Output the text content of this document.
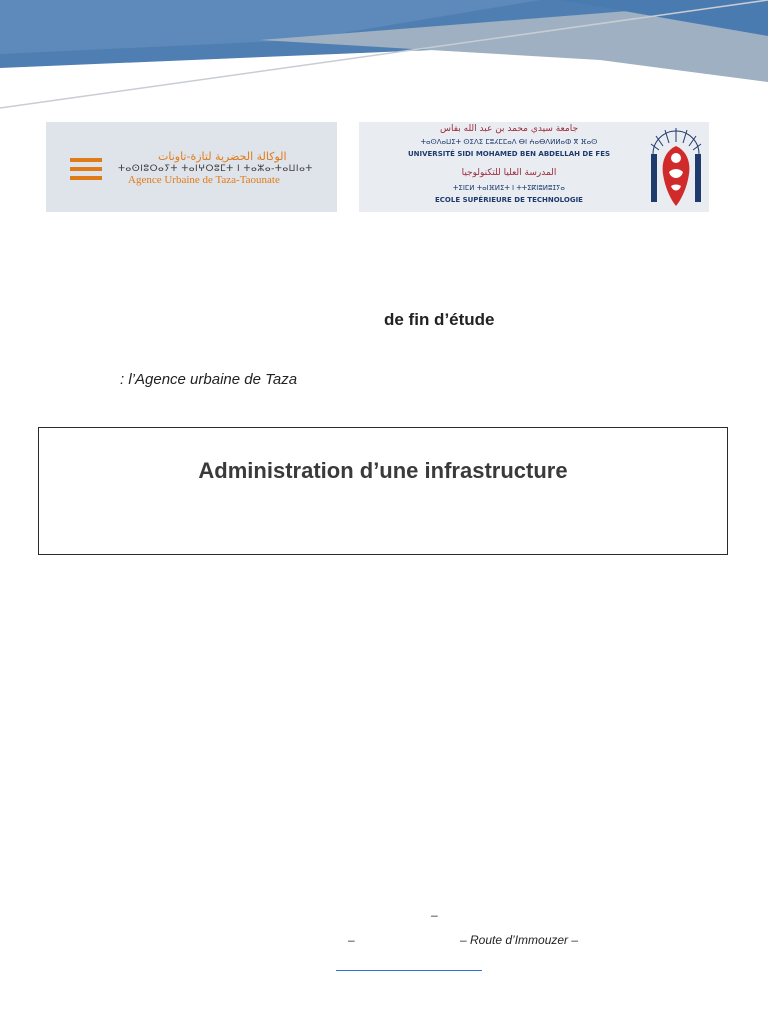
الوكالة الحضرية لتازة-تاونات
ⵜⴰⵙⵏⵓⵔⴰⵢⵜ ⵜⴰⵏⵖⵔⵓⵎⵜ ⵏ ⵜⴰⵣⴰ-ⵜⴰⵡⵏⴰⵜ
Agence Urbaine de Taza-Taounate
جامعة سيدي محمد بن عبد الله بفاس
ⵜⴰⵙⴷⴰⵡⵉⵜ ⵙⵉⴷⵉ ⵎⵓⵃⵎⵎⴰⴷ ⴱⵏ ⵄⴰⴱⴷⵍⵍⴰⵀ ⴳ ⴼⴰⵙ
UNIVERSITÉ SIDI MOHAMED BEN ABDELLAH DE FES
المدرسة العليا للتكنولوجيا
ⵜⵉⵏⵎⵍ ⵜⴰⵏⴼⵍⵉⵜ ⵏ ⵜⵜⵉⴽⵏⵓⵍⵓⵊⵢⴰ
ECOLE SUPÉRIEURE DE TECHNOLOGIE
de fin d’étude
: l’Agence urbaine de Taza
Administration d’une infrastructure
–
–	– Route d’Immouzer –
